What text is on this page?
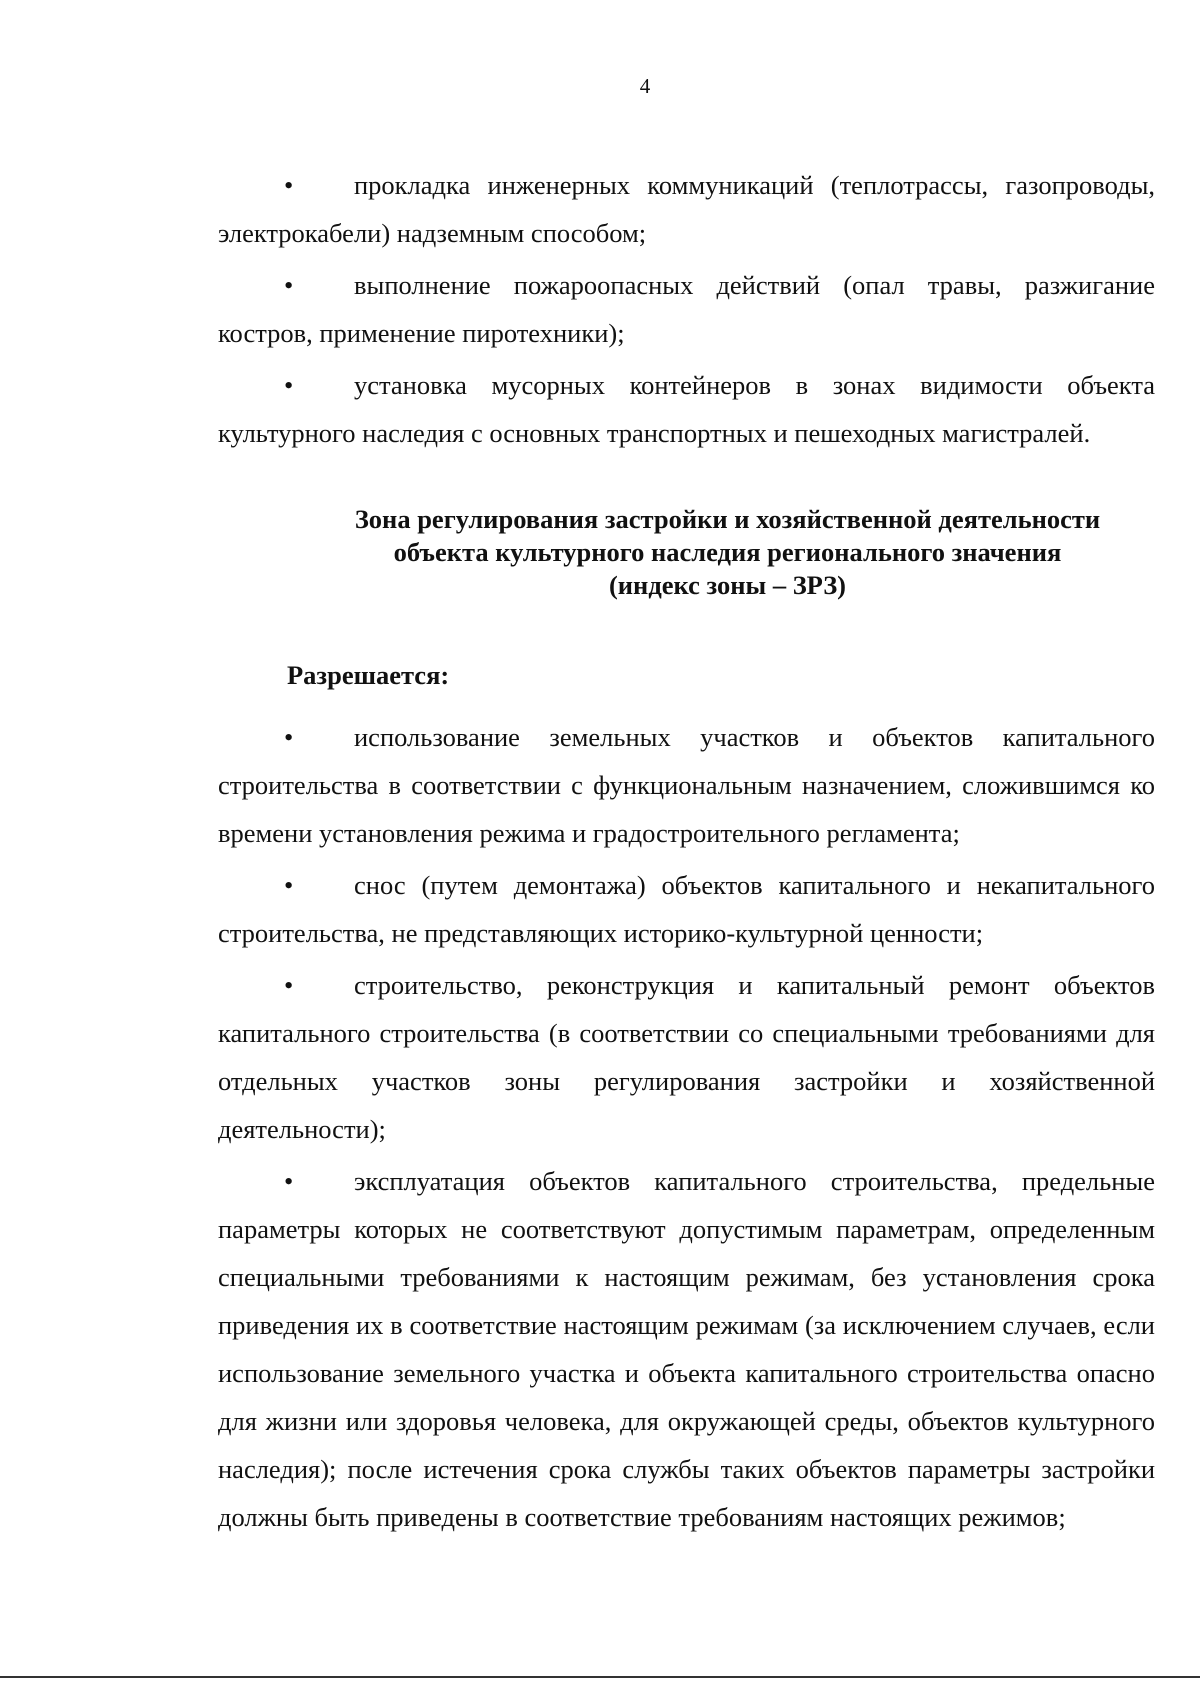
4

• прокладка инженерных коммуникаций (теплотрассы, газопроводы, электрокабели) надземным способом;

• выполнение пожароопасных действий (опал травы, разжигание костров, применение пиротехники);

• установка мусорных контейнеров в зонах видимости объекта культурного наследия с основных транспортных и пешеходных магистралей.

Зона регулирования застройки и хозяйственной деятельности
объекта культурного наследия регионального значения
(индекс зоны – ЗРЗ)
Разрешается:

• использование земельных участков и объектов капитального строительства в соответствии с функциональным назначением, сложившимся ко времени установления режима и градостроительного регламента;

• снос (путем демонтажа) объектов капитального и некапитального строительства, не представляющих историко-культурной ценности;

• строительство, реконструкция и капитальный ремонт объектов капитального строительства (в соответствии со специальными требованиями для отдельных участков зоны регулирования застройки и хозяйственной деятельности);

• эксплуатация объектов капитального строительства, предельные параметры которых не соответствуют допустимым параметрам, определенным специальными требованиями к настоящим режимам, без установления срока приведения их в соответствие настоящим режимам (за исключением случаев, если использование земельного участка и объекта капитального строительства опасно для жизни или здоровья человека, для окружающей среды, объектов культурного наследия); после истечения срока службы таких объектов параметры застройки должны быть приведены в соответствие требованиям настоящих режимов;
